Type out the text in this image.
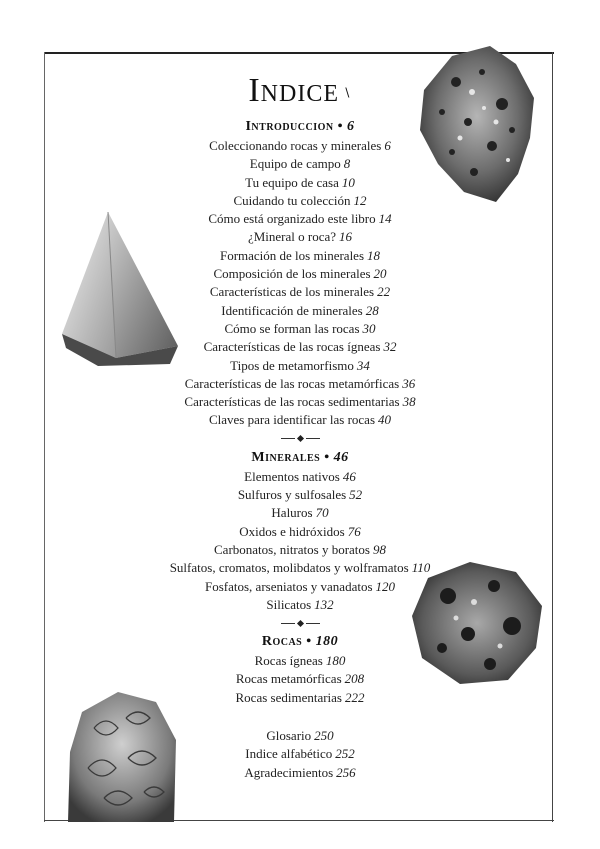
Indice ∖
Introduccion • 6
Coleccionando rocas y minerales 6
Equipo de campo 8
Tu equipo de casa 10
Cuidando tu colección 12
Cómo está organizado este libro 14
¿Mineral o roca? 16
Formación de los minerales 18
Composición de los minerales 20
Características de los minerales 22
Identificación de minerales 28
Cómo se forman las rocas 30
Características de las rocas ígneas 32
Tipos de metamorfismo 34
Características de las rocas metamórficas 36
Características de las rocas sedimentarias 38
Claves para identificar las rocas 40
Minerales • 46
Elementos nativos 46
Sulfuros y sulfosales 52
Haluros 70
Oxidos e hidróxidos 76
Carbonatos, nitratos y boratos 98
Sulfatos, cromatos, molibdatos y wolframatos 110
Fosfatos, arseniatos y vanadatos 120
Silicatos 132
Rocas • 180
Rocas ígneas 180
Rocas metamórficas 208
Rocas sedimentarias 222
Glosario 250
Indice alfabético 252
Agradecimientos 256
